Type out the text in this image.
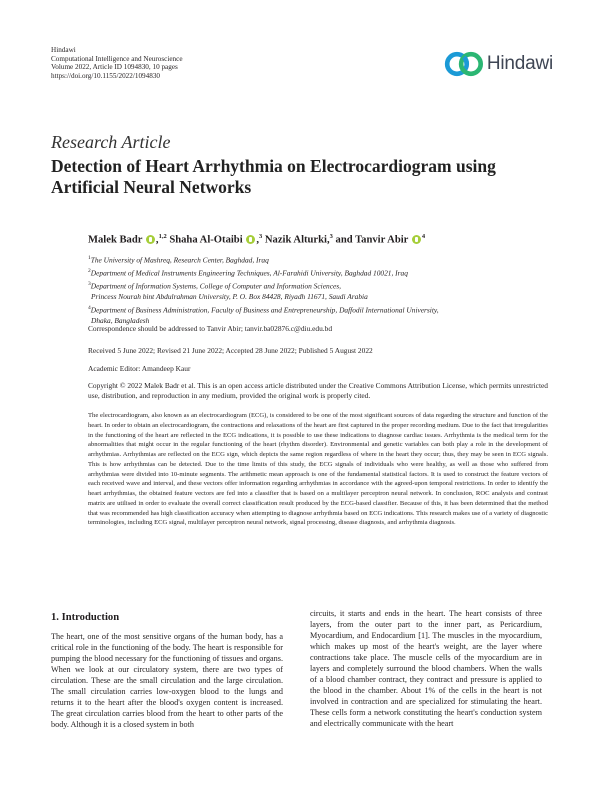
Hindawi
Computational Intelligence and Neuroscience
Volume 2022, Article ID 1094830, 10 pages
https://doi.org/10.1155/2022/1094830
Hindawi
Research Article
Detection of Heart Arrhythmia on Electrocardiogram using Artificial Neural Networks
Malek Badr ,$^{1,2}$ Shaha Al-Otaibi ,$^3$ Nazik Alturki,$^3$ and Tanvir Abir $^4$
$^1$The University of Mashreq, Research Center, Baghdad, Iraq
$^2$Department of Medical Instruments Engineering Techniques, Al-Farahidi University, Baghdad 10021, Iraq
$^3$Department of Information Systems, College of Computer and Information Sciences,
Princess Nourah bint Abdulrahman University, P. O. Box 84428, Riyadh 11671, Saudi Arabia
$^4$Department of Business Administration, Faculty of Business and Entrepreneurship, Daffodil International University,
Dhaka, Bangladesh
Correspondence should be addressed to Tanvir Abir; tanvir.ba02876.c@diu.edu.bd
Received 5 June 2022; Revised 21 June 2022; Accepted 28 June 2022; Published 5 August 2022
Academic Editor: Amandeep Kaur
Copyright © 2022 Malek Badr et al. This is an open access article distributed under the Creative Commons Attribution License, which permits unrestricted use, distribution, and reproduction in any medium, provided the original work is properly cited.
The electrocardiogram, also known as an electrocardiogram (ECG), is considered to be one of the most significant sources of data regarding the structure and function of the heart. In order to obtain an electrocardiogram, the contractions and relaxations of the heart are first captured in the proper recording medium. Due to the fact that irregularities in the functioning of the heart are reflected in the ECG indications, it is possible to use these indications to diagnose cardiac issues. Arrhythmia is the medical term for the abnormalities that might occur in the regular functioning of the heart (rhythm disorder). Environmental and genetic variables can both play a role in the development of arrhythmias. Arrhythmias are reflected on the ECG sign, which depicts the same region regardless of where in the heart they occur; thus, they may be seen in ECG signals. This is how arrhythmias can be detected. Due to the time limits of this study, the ECG signals of individuals who were healthy, as well as those who suffered from arrhythmias were divided into 10-minute segments. The arithmetic mean approach is one of the fundamental statistical factors. It is used to construct the feature vectors of each received wave and interval, and these vectors offer information regarding arrhythmias in accordance with the agreed-upon temporal restrictions. In order to identify the heart arrhythmias, the obtained feature vectors are fed into a classifier that is based on a multilayer perceptron neural network. In conclusion, ROC analysis and contrast matrix are utilised in order to evaluate the overall correct classification result produced by the ECG-based classifier. Because of this, it has been determined that the method that was recommended has high classification accuracy when attempting to diagnose arrhythmia based on ECG indications. This research makes use of a variety of diagnostic terminologies, including ECG signal, multilayer perceptron neural network, signal processing, disease diagnosis, and arrhythmia diagnosis.
1. Introduction
The heart, one of the most sensitive organs of the human body, has a critical role in the functioning of the body. The heart is responsible for pumping the blood necessary for the functioning of tissues and organs. When we look at our circulatory system, there are two types of circulation. These are the small circulation and the large circulation. The small circulation carries low-oxygen blood to the lungs and returns it to the heart after the blood's oxygen content is increased. The great circulation carries blood from the heart to other parts of the body. Although it is a closed system in both
circuits, it starts and ends in the heart. The heart consists of three layers, from the outer part to the inner part, as Pericardium, Myocardium, and Endocardium [1]. The muscles in the myocardium, which makes up most of the heart's weight, are the layer where contractions take place. The muscle cells of the myocardium are in layers and completely surround the blood chambers. When the walls of a blood chamber contract, they contract and pressure is applied to the blood in the chamber. About 1% of the cells in the heart is not involved in contraction and are specialized for stimulating the heart. These cells form a network constituting the heart's conduction system and electrically communicate with the heart
